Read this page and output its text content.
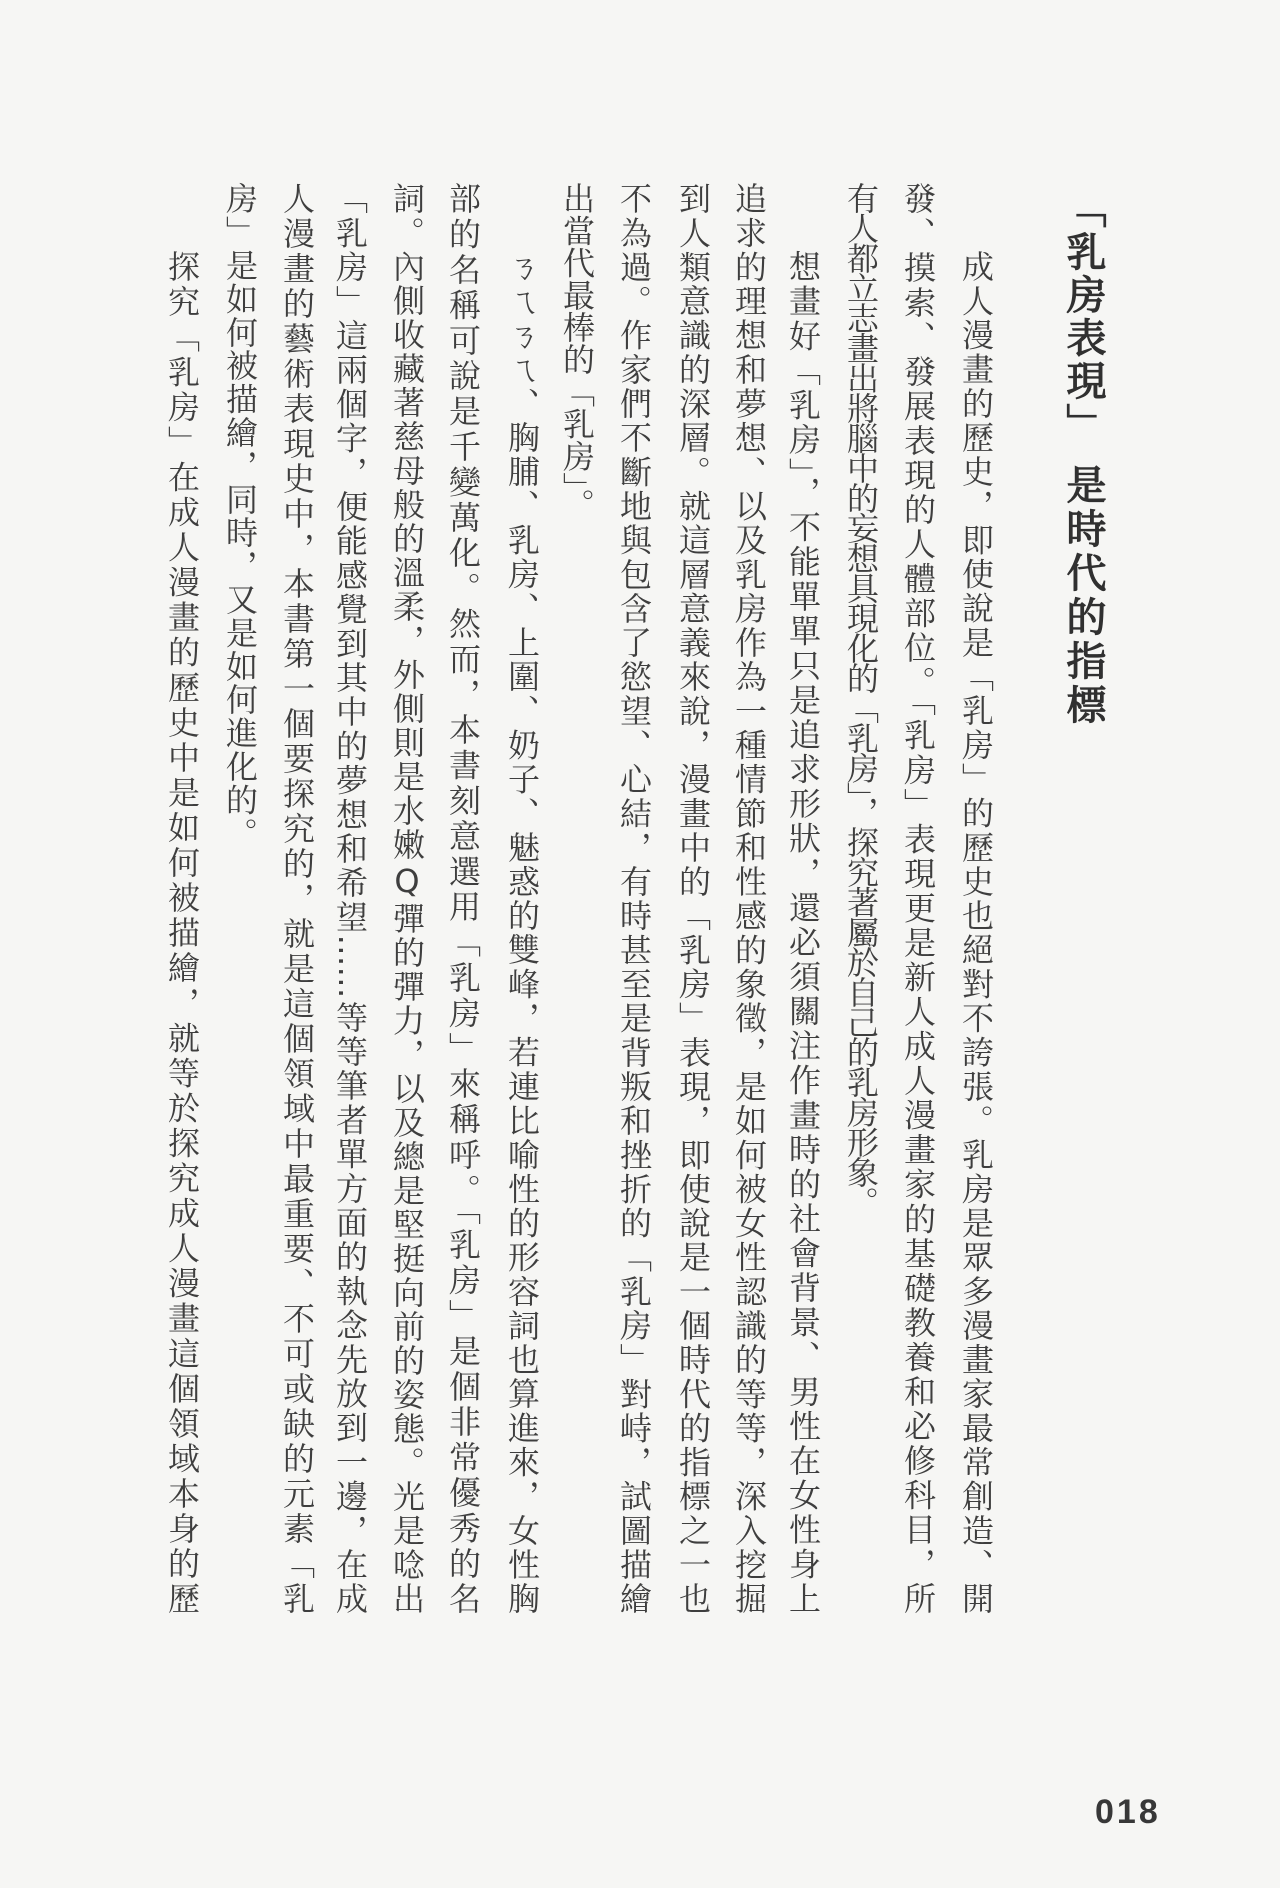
「乳房表現」
是時代的指標
成人漫畫的歷史，即使說是「乳房」的歷史也絕對不誇張。乳房是眾多漫畫家最常創造、開
發、摸索、發展表現的人體部位。「乳房」表現更是新人成人漫畫家的基礎教養和必修科目，所
有人都立志畫出將腦中的妄想具現化的「乳房」，探究著屬於自己的乳房形象。
想畫好「乳房」，不能單單只是追求形狀，還必須關注作畫時的社會背景、男性在女性身上
追求的理想和夢想、以及乳房作為一種情節和性感的象徵，是如何被女性認識的等等，深入挖掘
到人類意識的深層。就這層意義來說，漫畫中的「乳房」表現，即使說是一個時代的指標之一也
不為過。作家們不斷地與包含了慾望、心結，有時甚至是背叛和挫折的「乳房」對峙，試圖描繪
出當代最棒的「乳房」。
ㄋㄟㄋㄟ、胸脯、乳房、上圍、奶子、魅惑的雙峰，若連比喻性的形容詞也算進來，女性胸
部的名稱可說是千變萬化。然而，本書刻意選用「乳房」來稱呼。「乳房」是個非常優秀的名
詞。內側收藏著慈母般的溫柔，外側則是水嫩Q彈的彈力，以及總是堅挺向前的姿態。光是唸出
「乳房」這兩個字，便能感覺到其中的夢想和希望……等等筆者單方面的執念先放到一邊，在成
人漫畫的藝術表現史中，本書第一個要探究的，就是這個領域中最重要、不可或缺的元素「乳
房」是如何被描繪，同時，又是如何進化的。
探究「乳房」在成人漫畫的歷史中是如何被描繪，就等於探究成人漫畫這個領域本身的歷
018
